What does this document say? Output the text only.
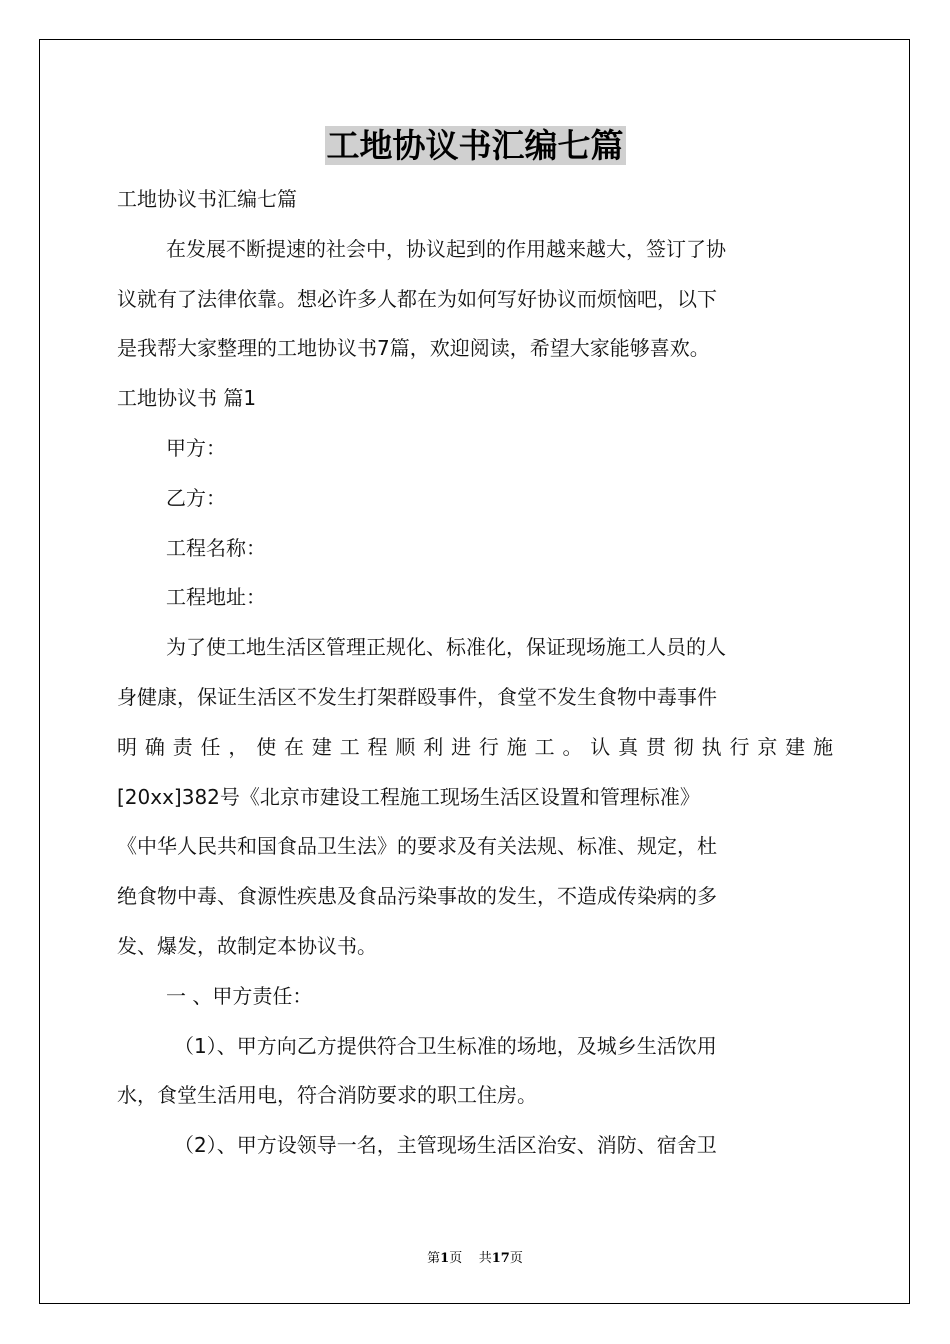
工地协议书汇编七篇

工地协议书汇编七篇

在发展不断提速的社会中，协议起到的作用越来越大，签订了协

议就有了法律依靠。想必许多人都在为如何写好协议而烦恼吧，以下

是我帮大家整理的工地协议书7篇，欢迎阅读，希望大家能够喜欢。

工地协议书 篇1

甲方：

乙方：

工程名称：

工程地址：

为了使工地生活区管理正规化、标准化，保证现场施工人员的人

身健康，保证生活区不发生打架群殴事件，食堂不发生食物中毒事件

明确责任，使在建工程顺利进行施工。认真贯彻执行京建施

[20xx]382号《北京市建设工程施工现场生活区设置和管理标准》

《中华人民共和国食品卫生法》的要求及有关法规、标准、规定，杜

绝食物中毒、食源性疾患及食品污染事故的发生，不造成传染病的多

发、爆发，故制定本协议书。

一 、甲方责任：

（1）、甲方向乙方提供符合卫生标准的场地，及城乡生活饮用

水，食堂生活用电，符合消防要求的职工住房。

（2）、甲方设领导一名，主管现场生活区治安、消防、宿舍卫

第1页 共17页
